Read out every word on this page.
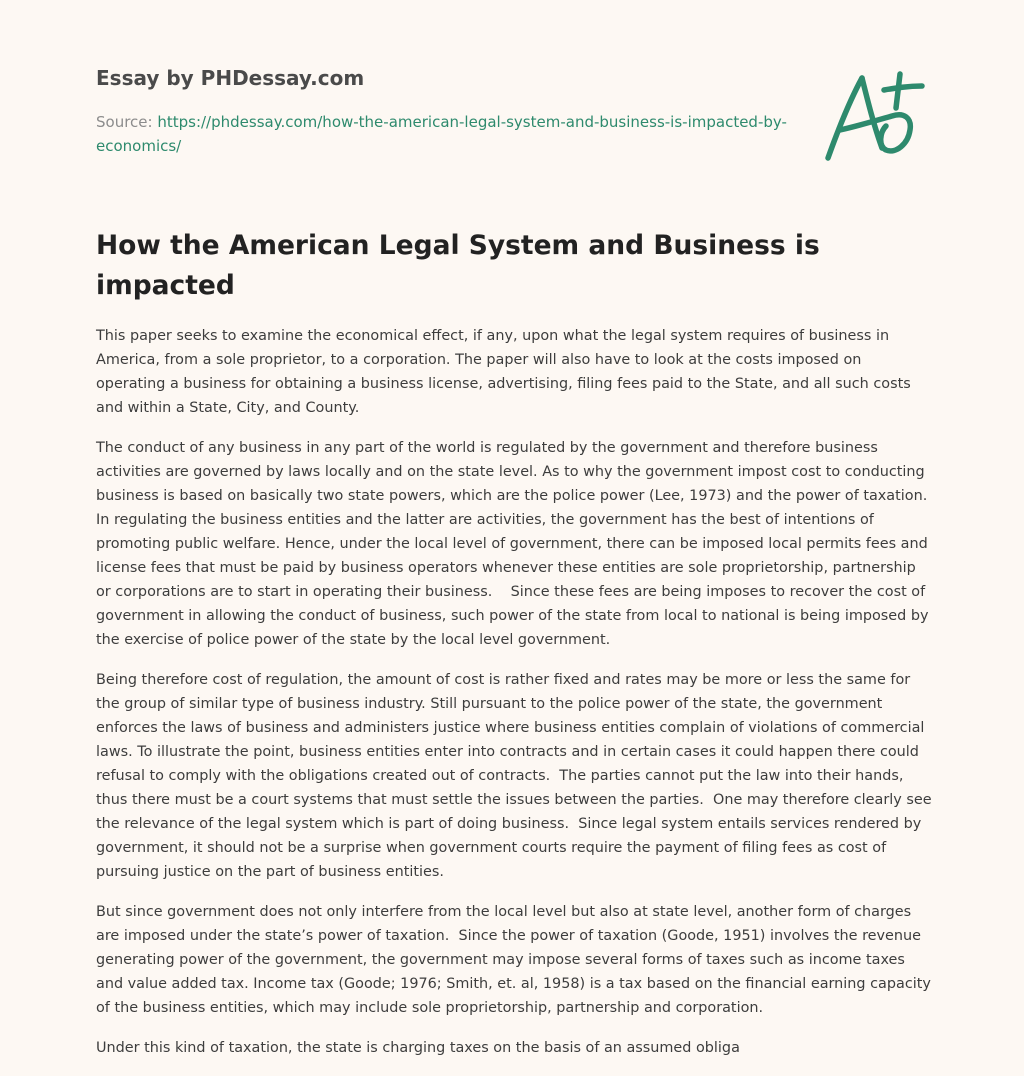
Essay by PHDessay.com

Source: https://phdessay.com/how-the-american-legal-system-and-business-is-impacted-by-economics/
How the American Legal System and Business is impacted

This paper seeks to examine the economical effect, if any, upon what the legal system requires of business in America, from a sole proprietor, to a corporation. The paper will also have to look at the costs imposed on operating a business for obtaining a business license, advertising, filing fees paid to the State, and all such costs and within a State, City, and County.

The conduct of any business in any part of the world is regulated by the government and therefore business activities are governed by laws locally and on the state level. As to why the government impost cost to conducting business is based on basically two state powers, which are the police power (Lee, 1973) and the power of taxation.  In regulating the business entities and the latter are activities, the government has the best of intentions of promoting public welfare. Hence, under the local level of government, there can be imposed local permits fees and license fees that must be paid by business operators whenever these entities are sole proprietorship, partnership or corporations are to start in operating their business.    Since these fees are being imposes to recover the cost of government in allowing the conduct of business, such power of the state from local to national is being imposed by the exercise of police power of the state by the local level government.

Being therefore cost of regulation, the amount of cost is rather fixed and rates may be more or less the same for the group of similar type of business industry. Still pursuant to the police power of the state, the government enforces the laws of business and administers justice where business entities complain of violations of commercial laws. To illustrate the point, business entities enter into contracts and in certain cases it could happen there could refusal to comply with the obligations created out of contracts.  The parties cannot put the law into their hands, thus there must be a court systems that must settle the issues between the parties.  One may therefore clearly see the relevance of the legal system which is part of doing business.  Since legal system entails services rendered by government, it should not be a surprise when government courts require the payment of filing fees as cost of pursuing justice on the part of business entities.

But since government does not only interfere from the local level but also at state level, another form of charges are imposed under the state’s power of taxation.  Since the power of taxation (Goode, 1951) involves the revenue generating power of the government, the government may impose several forms of taxes such as income taxes and value added tax. Income tax (Goode; 1976; Smith, et. al, 1958) is a tax based on the financial earning capacity of the business entities, which may include sole proprietorship, partnership and corporation.

Under this kind of taxation, the state is charging taxes on the basis of an assumed obliga
